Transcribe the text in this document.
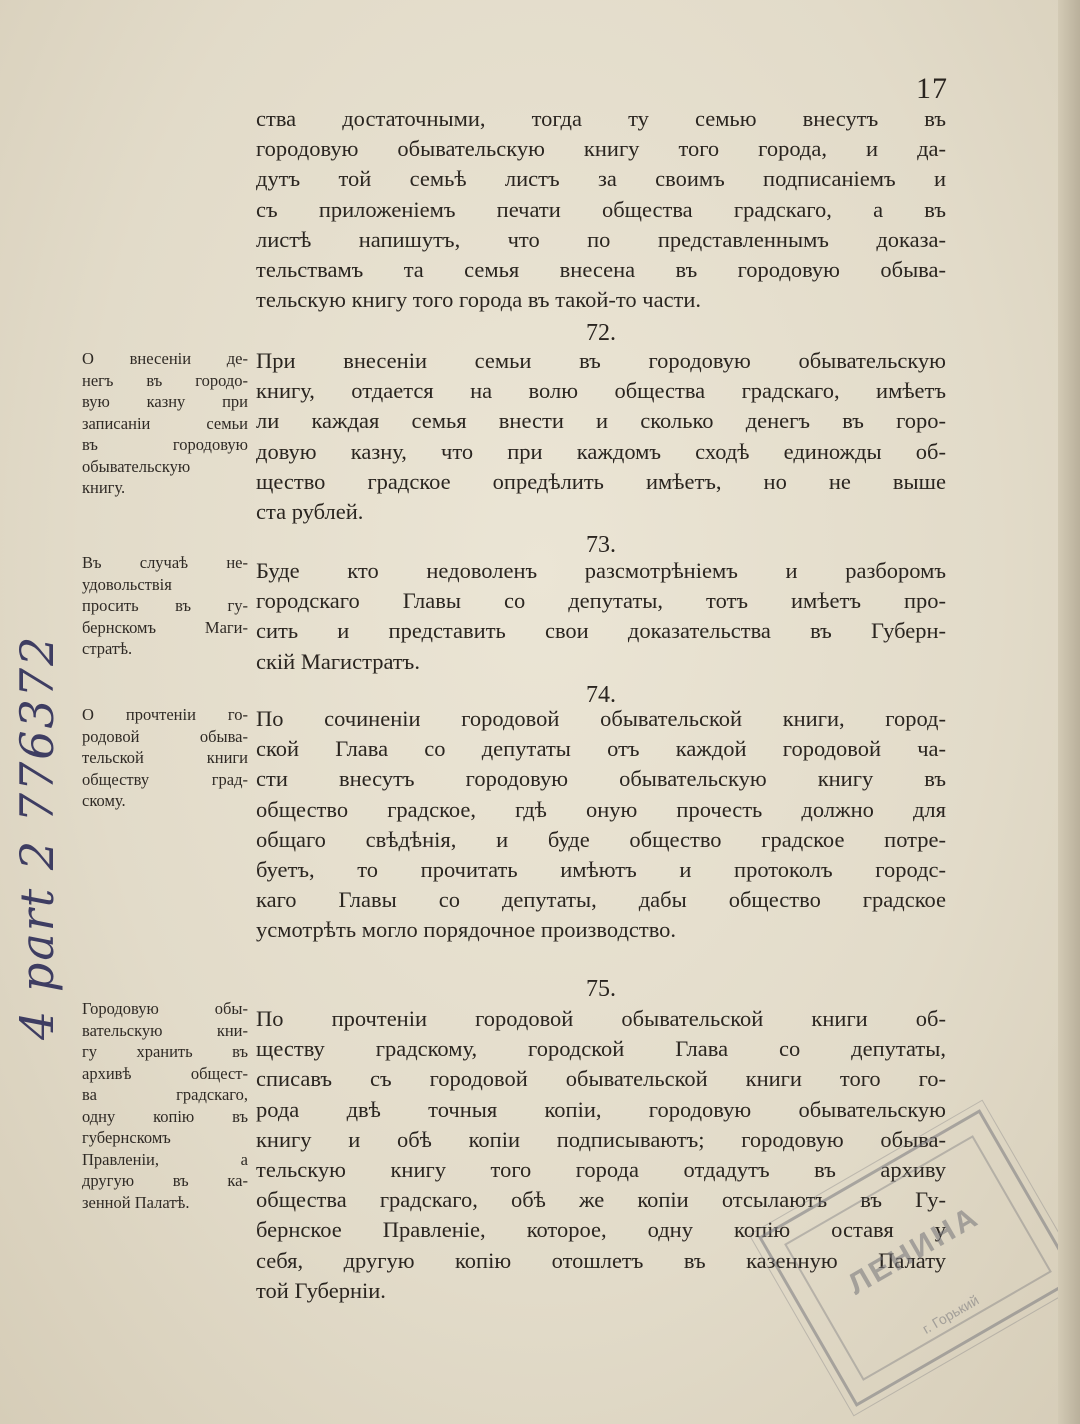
17
4 part 2 776372

ства достаточными, тогда ту семью внесутъ въ

городовую обывательскую книгу того города, и да-

дутъ той семьѣ листъ за своимъ подписанiемъ и

съ приложенiемъ печати общества градскаго, а въ

листѣ напишутъ, что по представленнымъ доказа-

тельствамъ та семья внесена въ городовую обыва-

тельскую книгу того города въ такой-то части.

72.
О внесенiи де-
негъ въ городо-
вую казну при
записанiи семьи
въ городовую
обывательскую
книгу.

При внесенiи семьи въ городовую обывательскую

книгу, отдается на волю общества градскаго, имѣетъ

ли каждая семья внести и сколько денегъ въ горо-

довую казну, что при каждомъ сходѣ единожды об-

щество градское опредѣлить имѣетъ, но не выше

ста рублей.

73.
Въ случаѣ не-
удовольствiя
просить въ гу-
бернскомъ Маги-
стратѣ.

Буде кто недоволенъ разсмотрѣнiемъ и разборомъ

городскаго Главы со депутаты, тотъ имѣетъ про-

сить и представить свои доказательства въ Губерн-

скiй Магистратъ.

74.
О прочтенiи го-
родовой обыва-
тельской книги
обществу град-
скому.

По сочиненiи городовой обывательской книги, город-

ской Глава со депутаты отъ каждой городовой ча-

сти внесутъ городовую обывательскую книгу въ

общество градское, гдѣ оную прочесть должно для

общаго свѣдѣнiя, и буде общество градское потре-

буетъ, то прочитать имѣютъ и протоколъ городс-

каго Главы со депутаты, дабы общество градское

усмотрѣть могло порядочное производство.

75.
Городовую обы-
вательскую кни-
гу хранить въ
архивѣ общест-
ва градскаго,
одну копiю въ
губернскомъ
Правленiи, а
другую въ ка-
зенной Палатѣ.

По прочтенiи городовой обывательской книги об-

ществу градскому, городской Глава со депутаты,

списавъ съ городовой обывательской книги того го-

рода двѣ точныя копiи, городовую обывательскую

книгу и обѣ копiи подписываютъ; городовую обыва-

тельскую книгу того города отдадутъ въ архиву

общества градскаго, обѣ же копiи отсылаютъ въ Гу-

бернское Правленiе, которое, одну копiю оставя у

себя, другую копiю отошлетъ въ казенную Палату

той Губернiи.	ЛЕНИНА
г. Горький
